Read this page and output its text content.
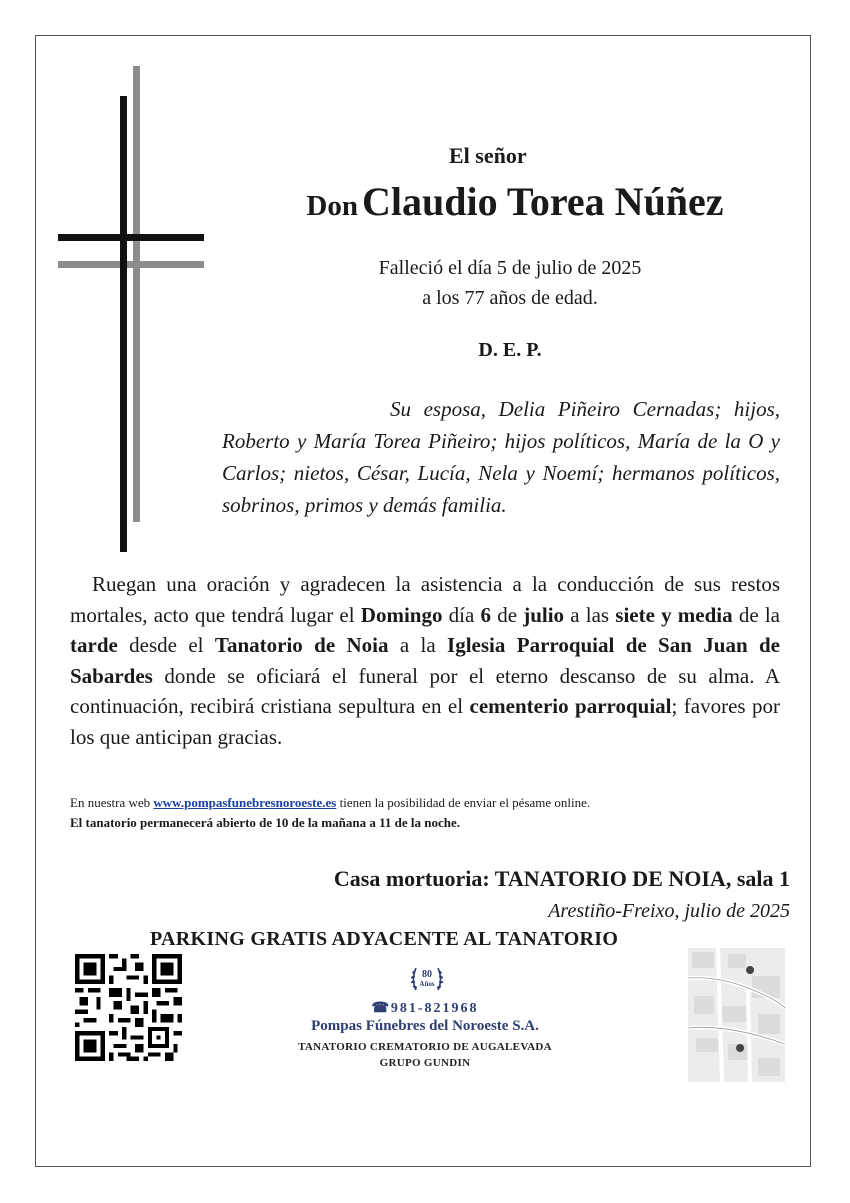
El señor
Don Claudio Torea Núñez
Falleció el día 5 de julio de 2025
a los 77 años de edad.
D. E. P.
Su esposa, Delia Piñeiro Cernadas; hijos, Roberto y María Torea Piñeiro; hijos políticos, María de la O y Carlos; nietos, César, Lucía, Nela y Noemí; hermanos políticos, sobrinos, primos y demás familia.
Ruegan una oración y agradecen la asistencia a la conducción de sus restos mortales, acto que tendrá lugar el Domingo día 6 de julio a las siete y media de la tarde desde el Tanatorio de Noia a la Iglesia Parroquial de San Juan de Sabardes donde se oficiará el funeral por el eterno descanso de su alma. A continuación, recibirá cristiana sepultura en el cementerio parroquial; favores por los que anticipan gracias.
En nuestra web www.pompasfunebresnoroeste.es tienen la posibilidad de enviar el pésame online.
El tanatorio permanecerá abierto de 10 de la mañana a 11 de la noche.
Casa mortuoria: TANATORIO DE NOIA, sala 1
Arestiño-Freixo, julio de 2025
PARKING GRATIS ADYACENTE AL TANATORIO
80
Años
☎981-821968
Pompas Fúnebres del Noroeste S.A.
TANATORIO CREMATORIO DE AUGALEVADA
GRUPO GUNDIN
